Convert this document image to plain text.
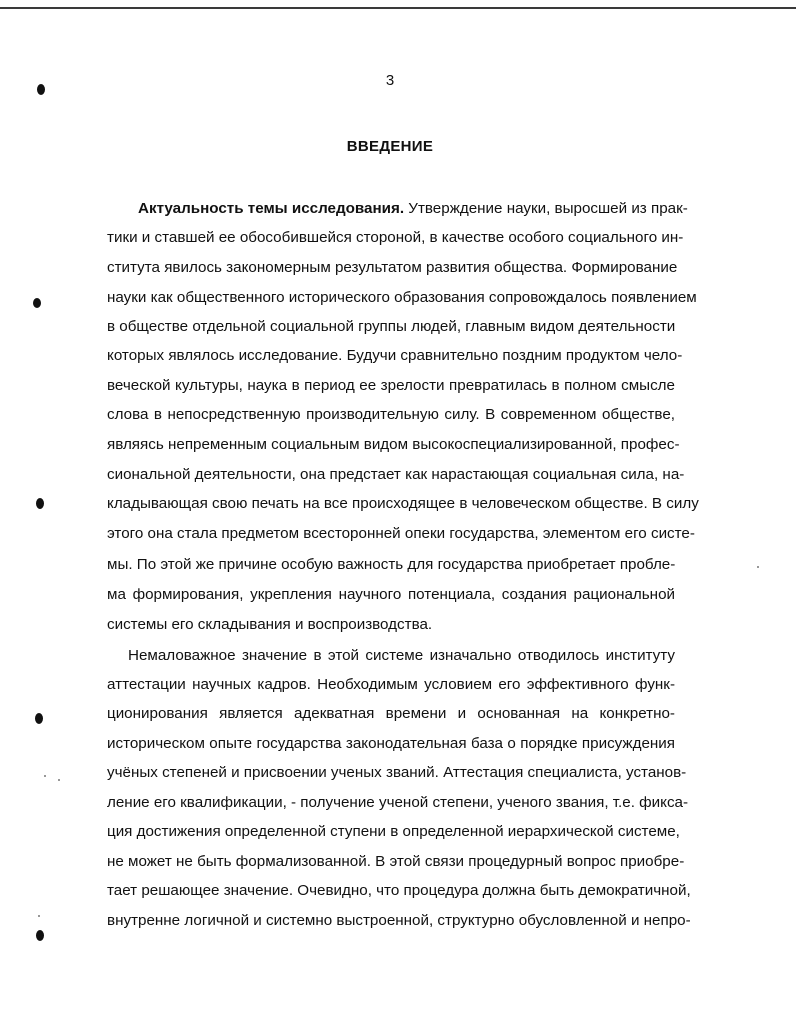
3
ВВЕДЕНИЕ
Актуальность темы исследования. Утверждение науки, выросшей из прак-
тики и ставшей ее обособившейся стороной, в качестве особого социального ин-
ститута явилось закономерным результатом развития общества. Формирование
науки как общественного исторического образования сопровождалось появлением
в обществе отдельной социальной группы людей, главным видом деятельности
которых являлось исследование. Будучи сравнительно поздним продуктом чело-
веческой культуры, наука в период ее зрелости превратилась в полном смысле
слова в непосредственную производительную силу. В современном обществе,
являясь непременным социальным видом высокоспециализированной, профес-
сиональной деятельности, она предстает как нарастающая социальная сила, на-
кладывающая свою печать на все происходящее в человеческом обществе. В силу
этого она стала предметом всесторонней опеки государства, элементом его систе-
мы. По этой же причине особую важность для государства приобретает пробле-
ма формирования, укрепления научного потенциала, создания рациональной
системы его складывания и воспроизводства.
Немаловажное значение в этой системе изначально отводилось институту
аттестации научных кадров. Необходимым условием его эффективного функ-
ционирования является адекватная времени и основанная на конкретно-
историческом опыте государства законодательная база о порядке присуждения
учёных степеней и присвоении ученых званий. Аттестация специалиста, установ-
ление его квалификации, - получение ученой степени, ученого звания, т.е. фикса-
ция достижения определенной ступени в определенной иерархической системе,
не может не быть формализованной. В этой связи процедурный вопрос приобре-
тает решающее значение. Очевидно, что процедура должна быть демократичной,
внутренне логичной и системно выстроенной, структурно обусловленной и непро-
